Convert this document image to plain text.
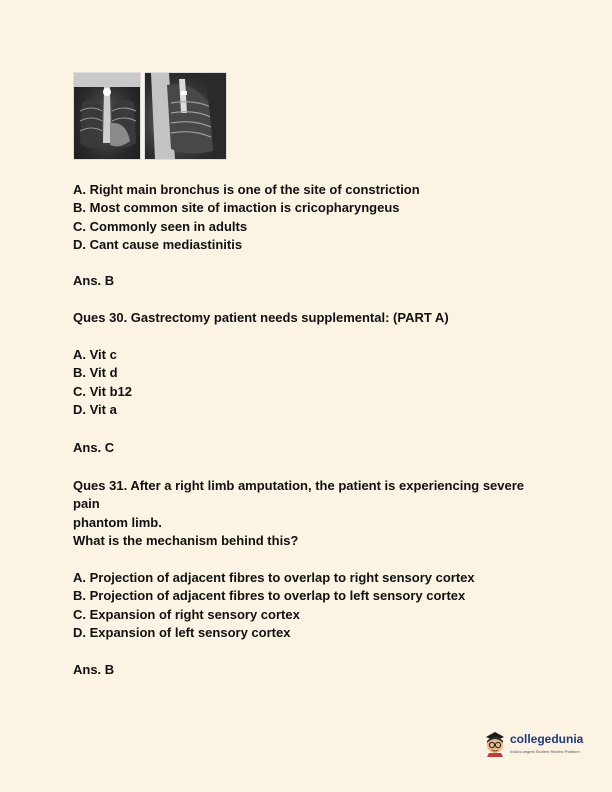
A. Right main bronchus is one of the site of constriction
B. Most common site of imaction is cricopharyngeus
C. Commonly seen in adults
D. Cant cause mediastinitis
Ans. B
Ques 30. Gastrectomy patient needs supplemental: (PART A)
A. Vit c
B. Vit d
C. Vit b12
D. Vit a
Ans. C
Ques 31. After a right limb amputation, the patient is experiencing severe
pain
phantom limb.
What is the mechanism behind this?
A. Projection of adjacent fibres to overlap to right sensory cortex
B. Projection of adjacent fibres to overlap to left sensory cortex
C. Expansion of right sensory cortex
D. Expansion of left sensory cortex
Ans. B
collegedunia
India's largest Student Review Platform
